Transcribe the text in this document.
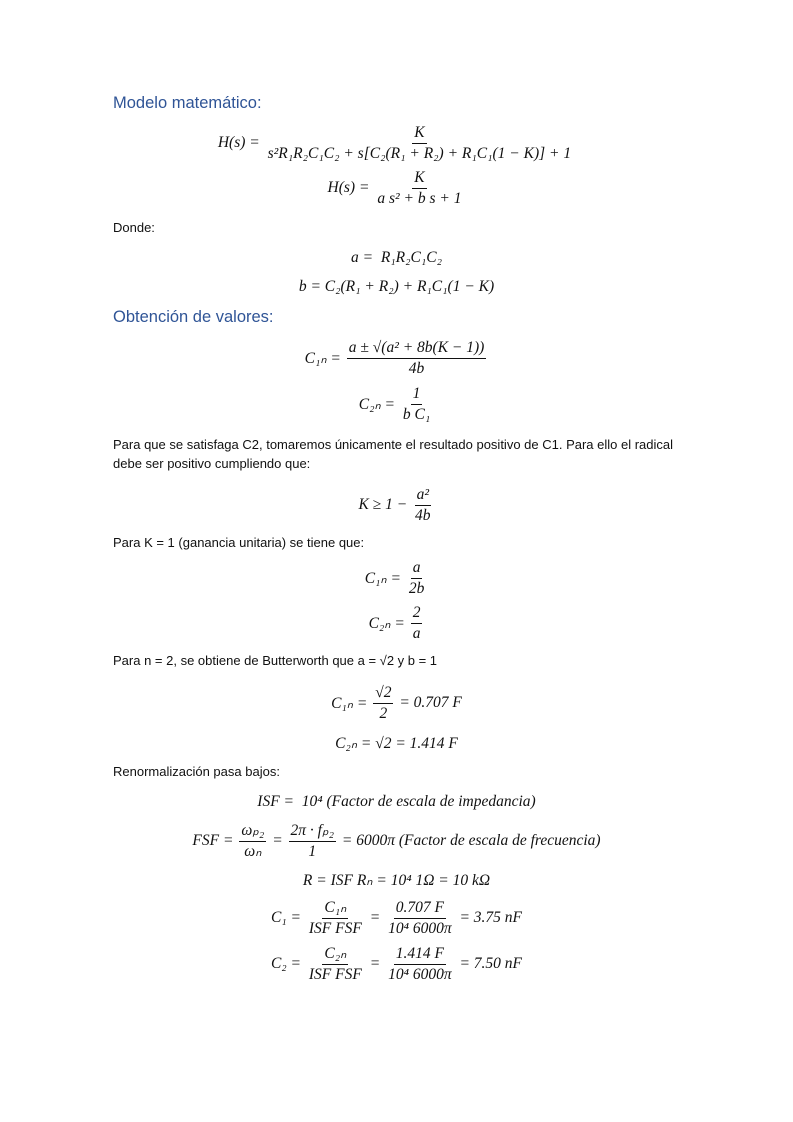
Modelo matemático:
$H(s) = \frac{K}{\text{s²R₁R₂C₁C₂ + s[C₂(R₁ + R₂) + R₁C₁(1 − K)] + 1}}$
$H(s) = \frac{K}{\text{a s² + b s + 1}}$
Donde:
a =  R₁R₂C₁C₂
b = C₂(R₁ + R₂) + R₁C₁(1 − K)
Obtención de valores:
$C_{1n} = \frac{\text{a ± √(a² + 8b(K − 1))}}{4b}$
$C_{2n} = \frac{1}{\text{b C₁}}$
Para que se satisfaga C2, tomaremos únicamente el resultado positivo de C1. Para ello el radical debe ser positivo cumpliendo que:
$K \ge 1 - \frac{\text{a²}}{4b}$
Para K = 1 (ganancia unitaria) se tiene que:
$C_{1n} = \frac{a}{2b}$
$C_{2n} = \frac{2}{a}$
Para n = 2, se obtiene de Butterworth que a = √2 y b = 1
$C_{1n} = \frac{√2}{2} = 0.707$ F
C₂ₙ = √2 = 1.414 F
Renormalización pasa bajos:
ISF =  10⁴ (Factor de escala de impedancia)
FSF = $\frac{\text{ωₚ₂}}{\text{ωₙ}} = \frac{\text{2π · fₚ₂}}{1} = 6000\pi$ (Factor de escala de frecuencia)
R = ISF Rₙ = 10⁴ 1Ω = 10 kΩ
$C_1 = \frac{\text{C₁ₙ}}{\text{ISF FSF}} = \frac{0.707 F}{\text{10⁴ 6000π}} = 3.75$ nF
$C_2 = \frac{\text{C₂ₙ}}{\text{ISF FSF}} = \frac{1.414 F}{\text{10⁴ 6000π}} = 7.50$ nF
